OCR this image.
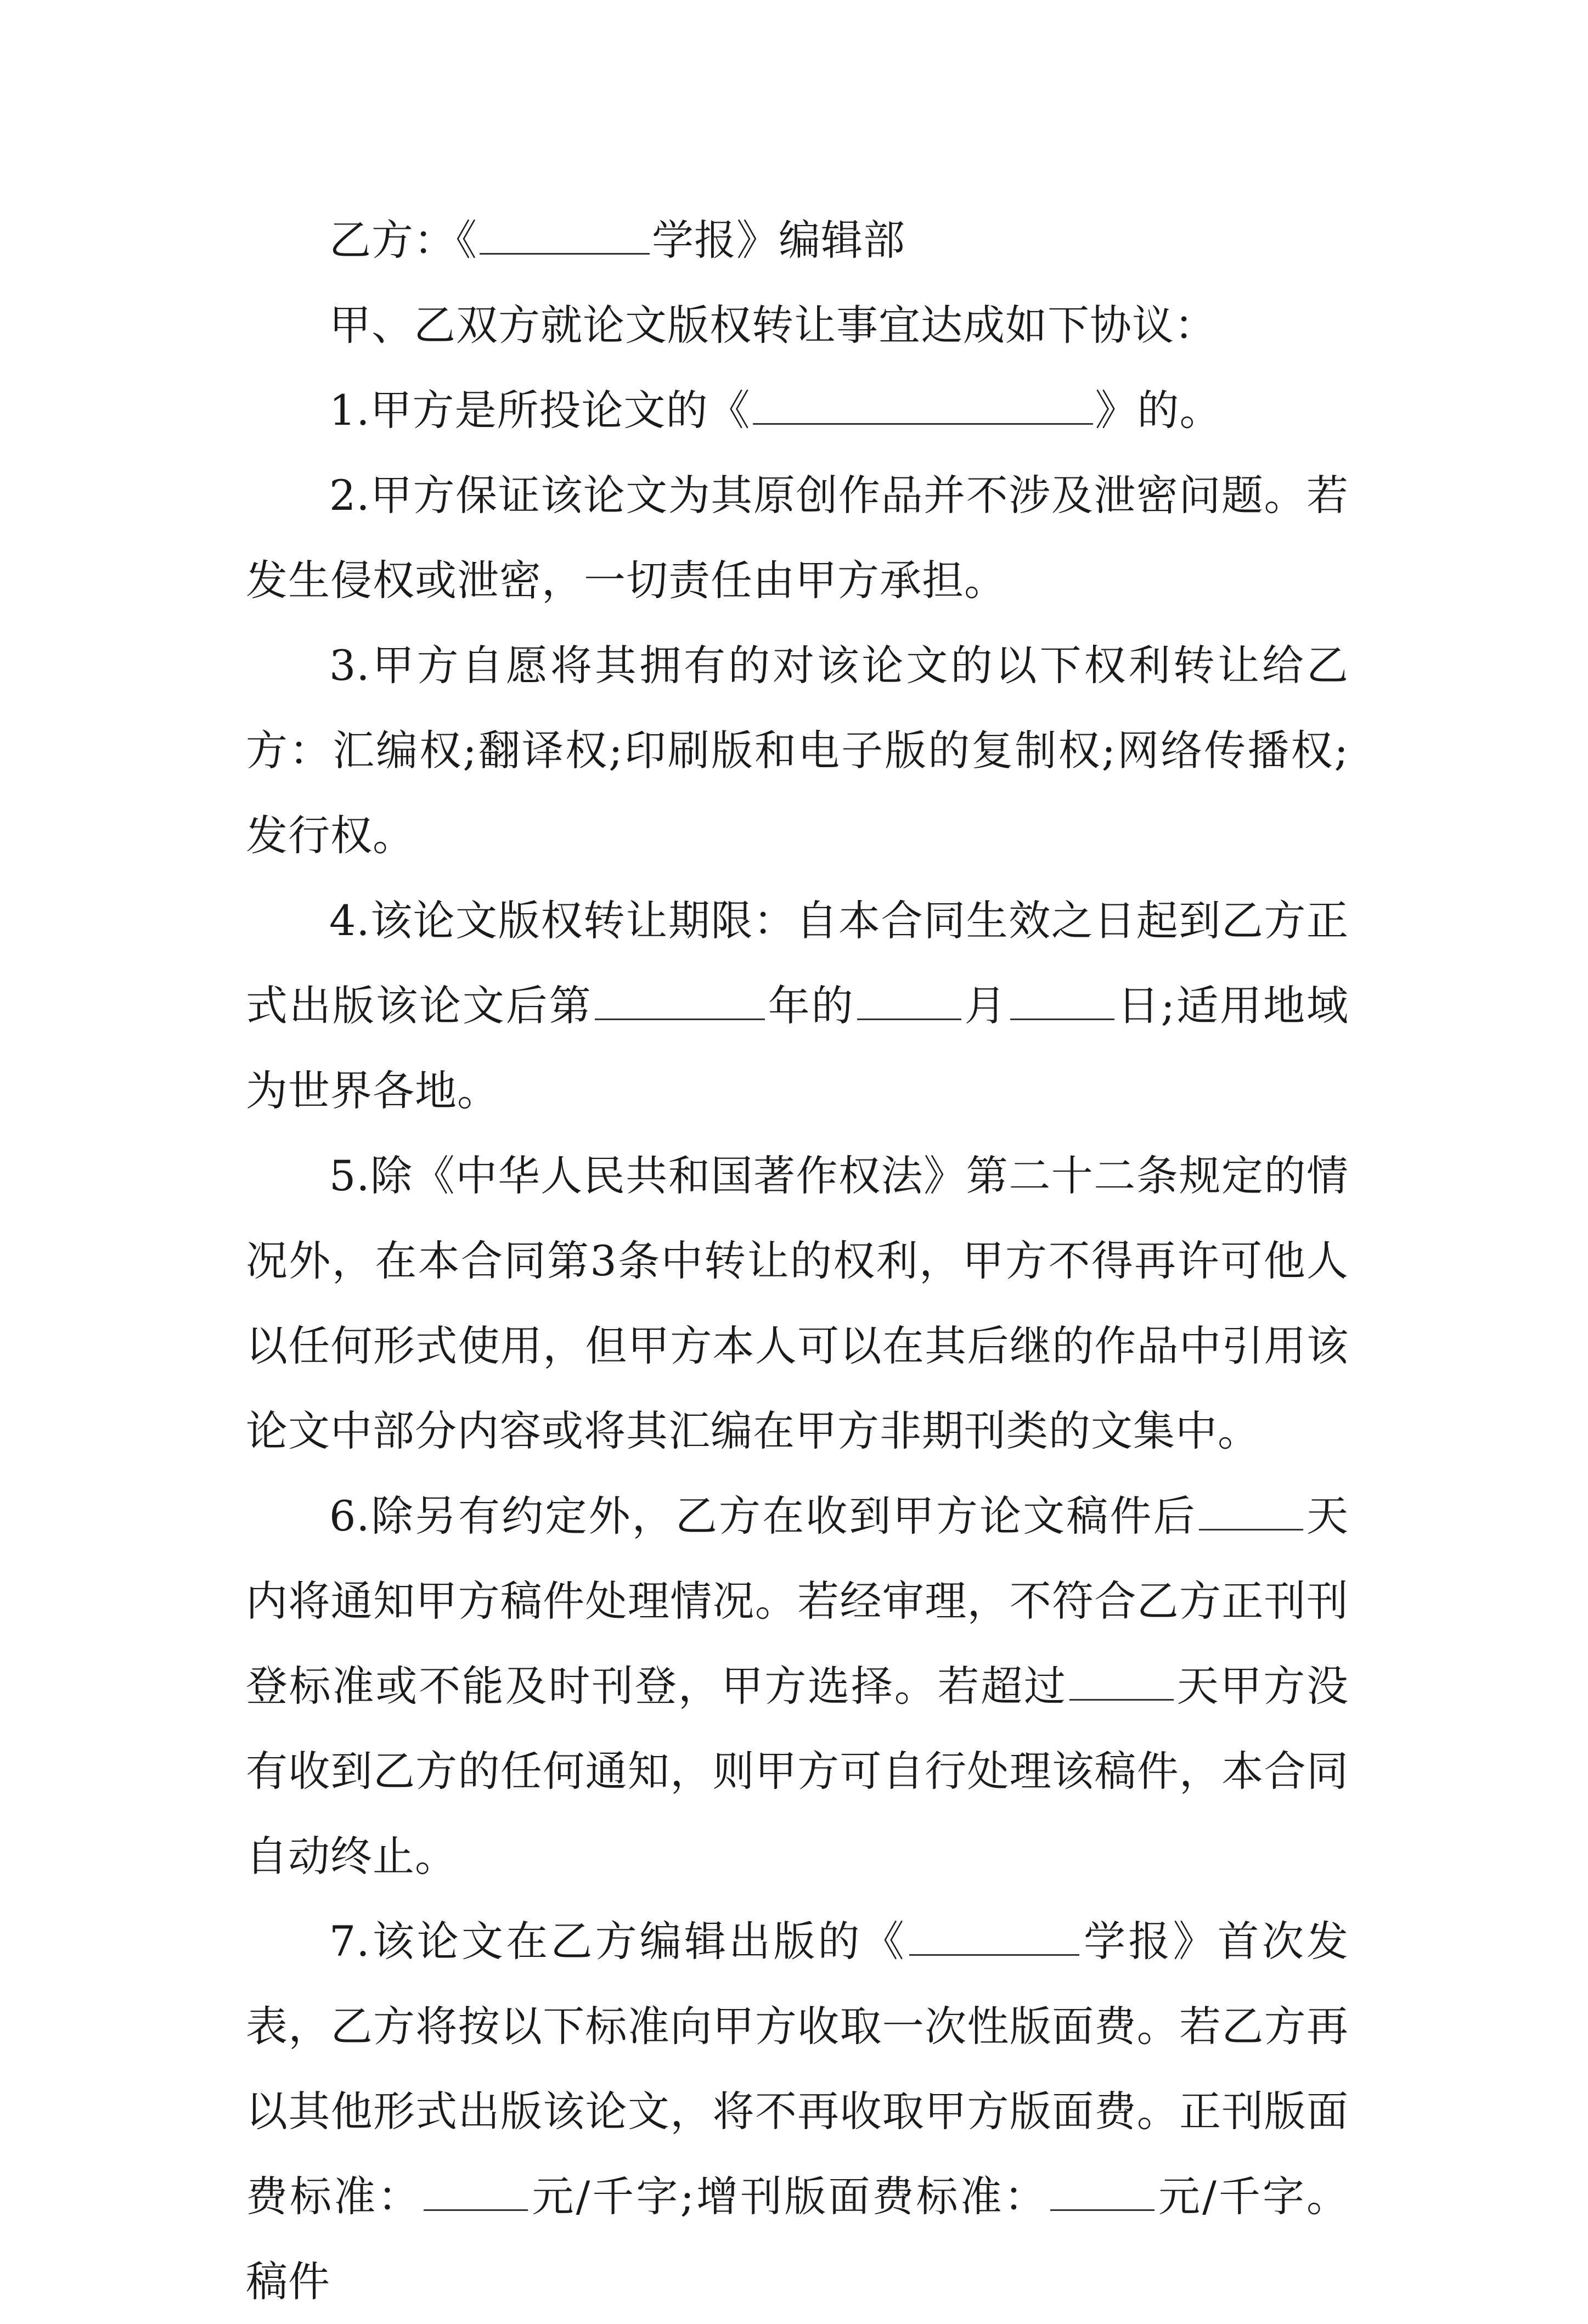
乙方：《	学报》编辑部

甲、乙双方就论文版权转让事宜达成如下协议：

1.甲方是所投论文的《	》的。

2.甲方保证该论文为其原创作品并不涉及泄密问题。若发生侵权或泄密，一切责任由甲方承担。

3.甲方自愿将其拥有的对该论文的以下权利转让给乙方：汇编权;翻译权;印刷版和电子版的复制权;网络传播权;发行权。

4.该论文版权转让期限：自本合同生效之日起到乙方正式出版该论文后第	年的	月	日;适用地域为世界各地。

5.除《中华人民共和国著作权法》第二十二条规定的情况外，在本合同第3条中转让的权利，甲方不得再许可他人以任何形式使用，但甲方本人可以在其后继的作品中引用该论文中部分内容或将其汇编在甲方非期刊类的文集中。

6.除另有约定外，乙方在收到甲方论文稿件后	天内将通知甲方稿件处理情况。若经审理，不符合乙方正刊刊登标准或不能及时刊登，甲方选择。若超过	天甲方没有收到乙方的任何通知，则甲方可自行处理该稿件，本合同自动终止。

7.该论文在乙方编辑出版的《	学报》首次发表，乙方将按以下标准向甲方收取一次性版面费。若乙方再以其他形式出版该论文，将不再收取甲方版面费。正刊版面费标准：	元/千字;增刊版面费标准：	元/千字。稿件
